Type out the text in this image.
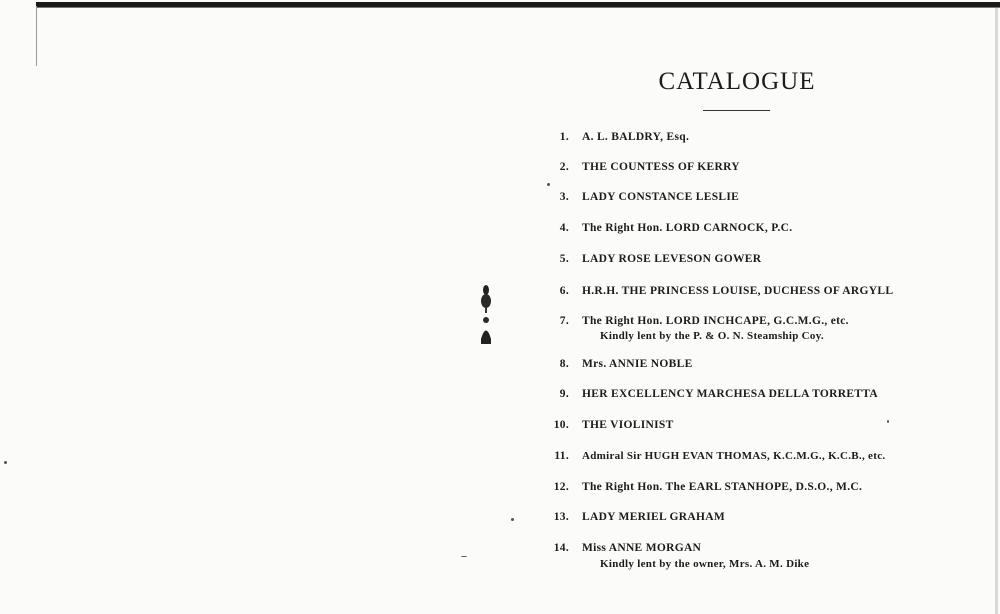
CATALOGUE
1. A. L. BALDRY, Esq.
2. THE COUNTESS OF KERRY
3. LADY CONSTANCE LESLIE
4. The Right Hon. LORD CARNOCK, P.C.
5. LADY ROSE LEVESON GOWER
6. H.R.H. THE PRINCESS LOUISE, DUCHESS OF ARGYLL
7. The Right Hon. LORD INCHCAPE, G.C.M.G., etc.
Kindly lent by the P. & O. N. Steamship Coy.
8. Mrs. ANNIE NOBLE
9. HER EXCELLENCY MARCHESA DELLA TORRETTA
10. THE VIOLINIST
11. Admiral Sir HUGH EVAN THOMAS, K.C.M.G., K.C.B., etc.
12. The Right Hon. The EARL STANHOPE, D.S.O., M.C.
13. LADY MERIEL GRAHAM
14. Miss ANNE MORGAN
Kindly lent by the owner, Mrs. A. M. Dike
